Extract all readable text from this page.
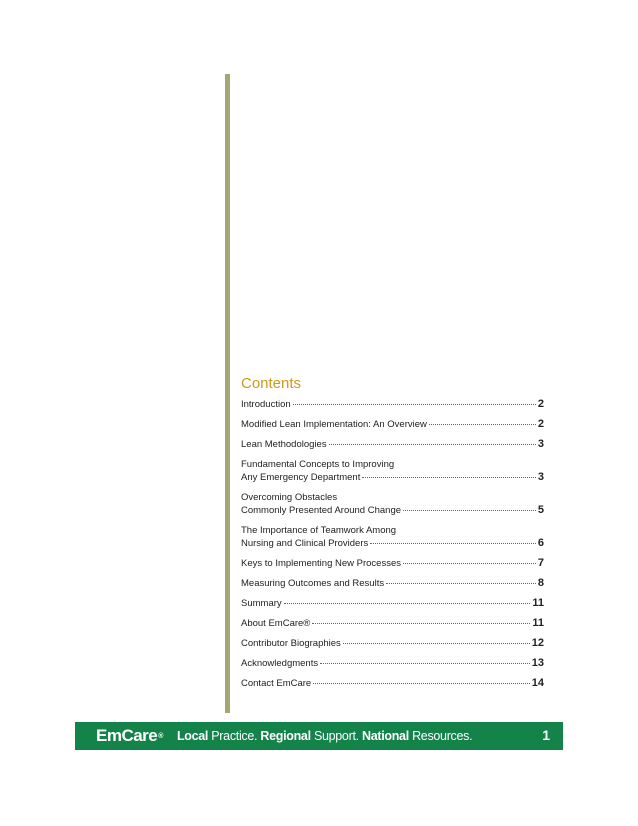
Contents
Introduction	2
Modified Lean Implementation: An Overview	2
Lean Methodologies	3
Fundamental Concepts to Improving
Any Emergency Department	3
Overcoming Obstacles
Commonly Presented Around Change	5
The Importance of Teamwork Among
Nursing and Clinical Providers	6
Keys to Implementing New Processes	7
Measuring Outcomes and Results	8
Summary	11
About EmCare®	11
Contributor Biographies	12
Acknowledgments	13
Contact EmCare	14
EmCare ® Local Practice. Regional Support. National Resources.	1
